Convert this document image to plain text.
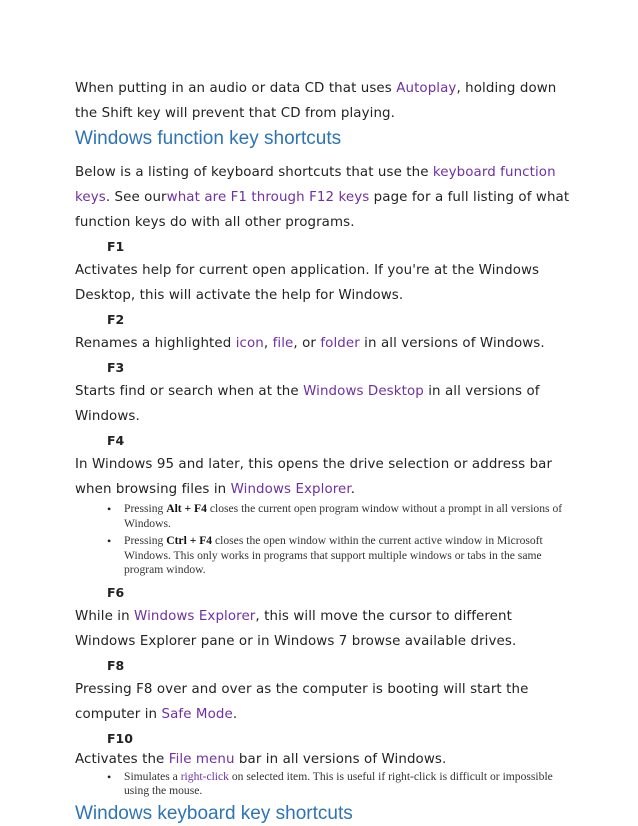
When putting in an audio or data CD that uses Autoplay, holding down the Shift key will prevent that CD from playing.

Windows function key shortcuts

Below is a listing of keyboard shortcuts that use the keyboard function keys. See ourwhat are F1 through F12 keys page for a full listing of what function keys do with all other programs.

F1

Activates help for current open application. If you're at the Windows Desktop, this will activate the help for Windows.

F2

Renames a highlighted icon, file, or folder in all versions of Windows.

F3

Starts find or search when at the Windows Desktop in all versions of Windows.

F4

In Windows 95 and later, this opens the drive selection or address bar when browsing files in Windows Explorer.

• Pressing Alt + F4 closes the current open program window without a prompt in all versions of Windows.
• Pressing Ctrl + F4 closes the open window within the current active window in Microsoft Windows. This only works in programs that support multiple windows or tabs in the same program window.

F6

While in Windows Explorer, this will move the cursor to different Windows Explorer pane or in Windows 7 browse available drives.

F8

Pressing F8 over and over as the computer is booting will start the computer in Safe Mode.

F10

Activates the File menu bar in all versions of Windows.

• Simulates a right-click on selected item. This is useful if right-click is difficult or impossible using the mouse.
Windows keyboard key shortcuts
